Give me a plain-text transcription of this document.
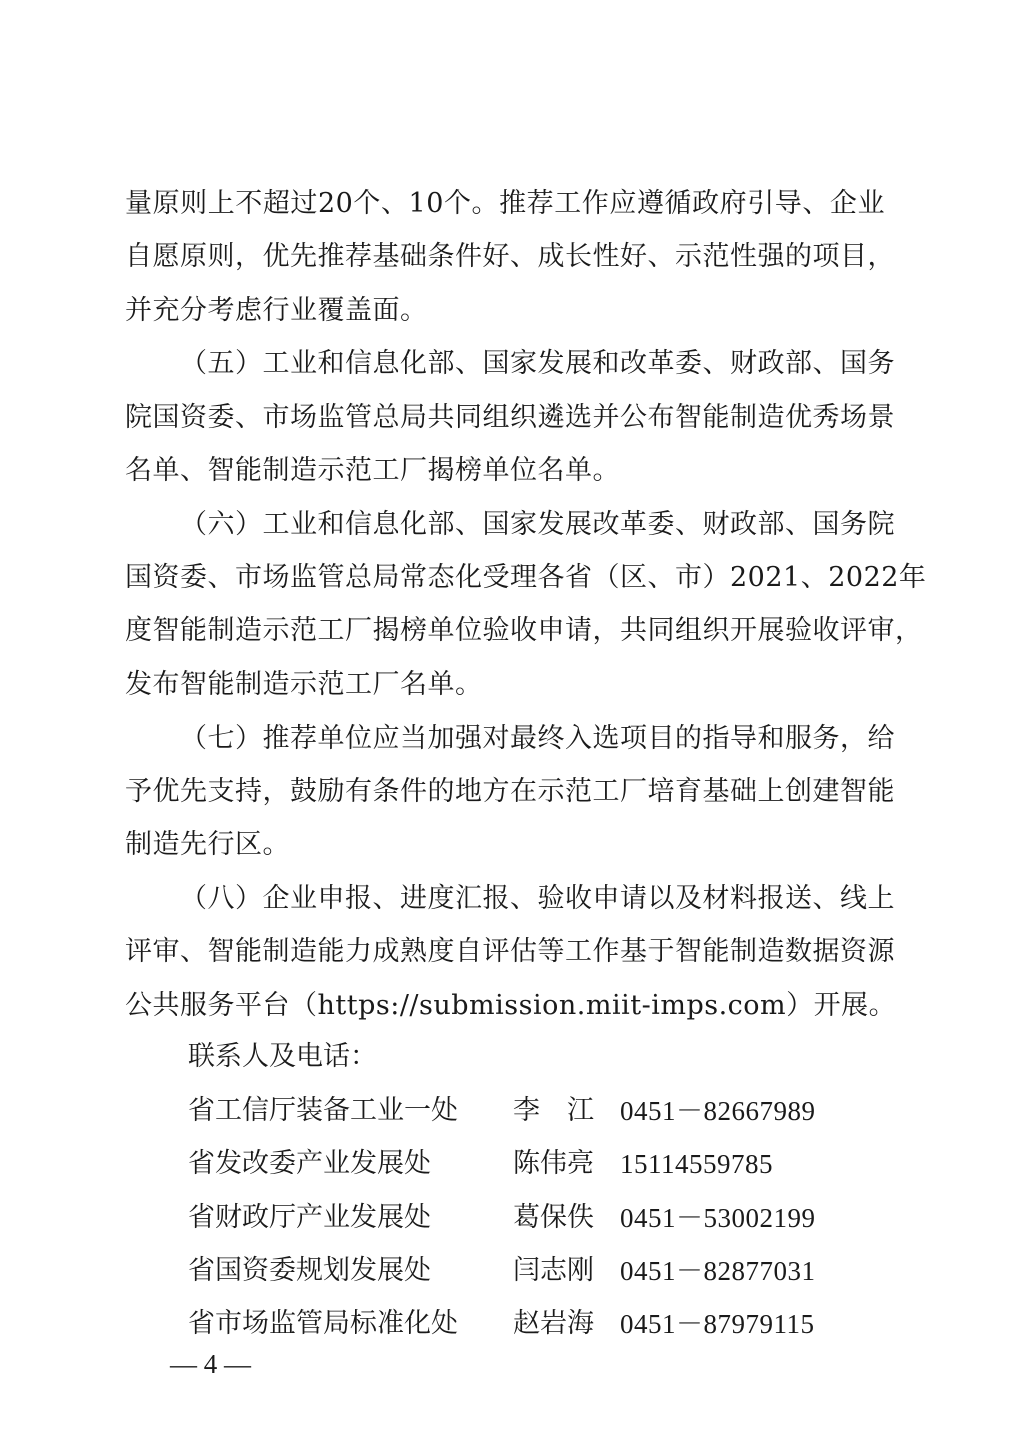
量原则上不超过20个、10个。推荐工作应遵循政府引导、企业
自愿原则，优先推荐基础条件好、成长性好、示范性强的项目，
并充分考虑行业覆盖面。
（五）工业和信息化部、国家发展和改革委、财政部、国务
院国资委、市场监管总局共同组织遴选并公布智能制造优秀场景
名单、智能制造示范工厂揭榜单位名单。
（六）工业和信息化部、国家发展改革委、财政部、国务院
国资委、市场监管总局常态化受理各省（区、市）2021、2022年
度智能制造示范工厂揭榜单位验收申请，共同组织开展验收评审，
发布智能制造示范工厂名单。
（七）推荐单位应当加强对最终入选项目的指导和服务，给
予优先支持，鼓励有条件的地方在示范工厂培育基础上创建智能
制造先行区。
（八）企业申报、进度汇报、验收申请以及材料报送、线上
评审、智能制造能力成熟度自评估等工作基于智能制造数据资源
公共服务平台（https://submission.miit-imps.com）开展。
联系人及电话：
省工信厅装备工业一处	李　江 0451－82667989
省发改委产业发展处	陈伟亮 15114559785
省财政厅产业发展处	葛保佚 0451－53002199
省国资委规划发展处	闫志刚 0451－82877031
省市场监管局标准化处	赵岩海 0451－87979115
— 4 —
